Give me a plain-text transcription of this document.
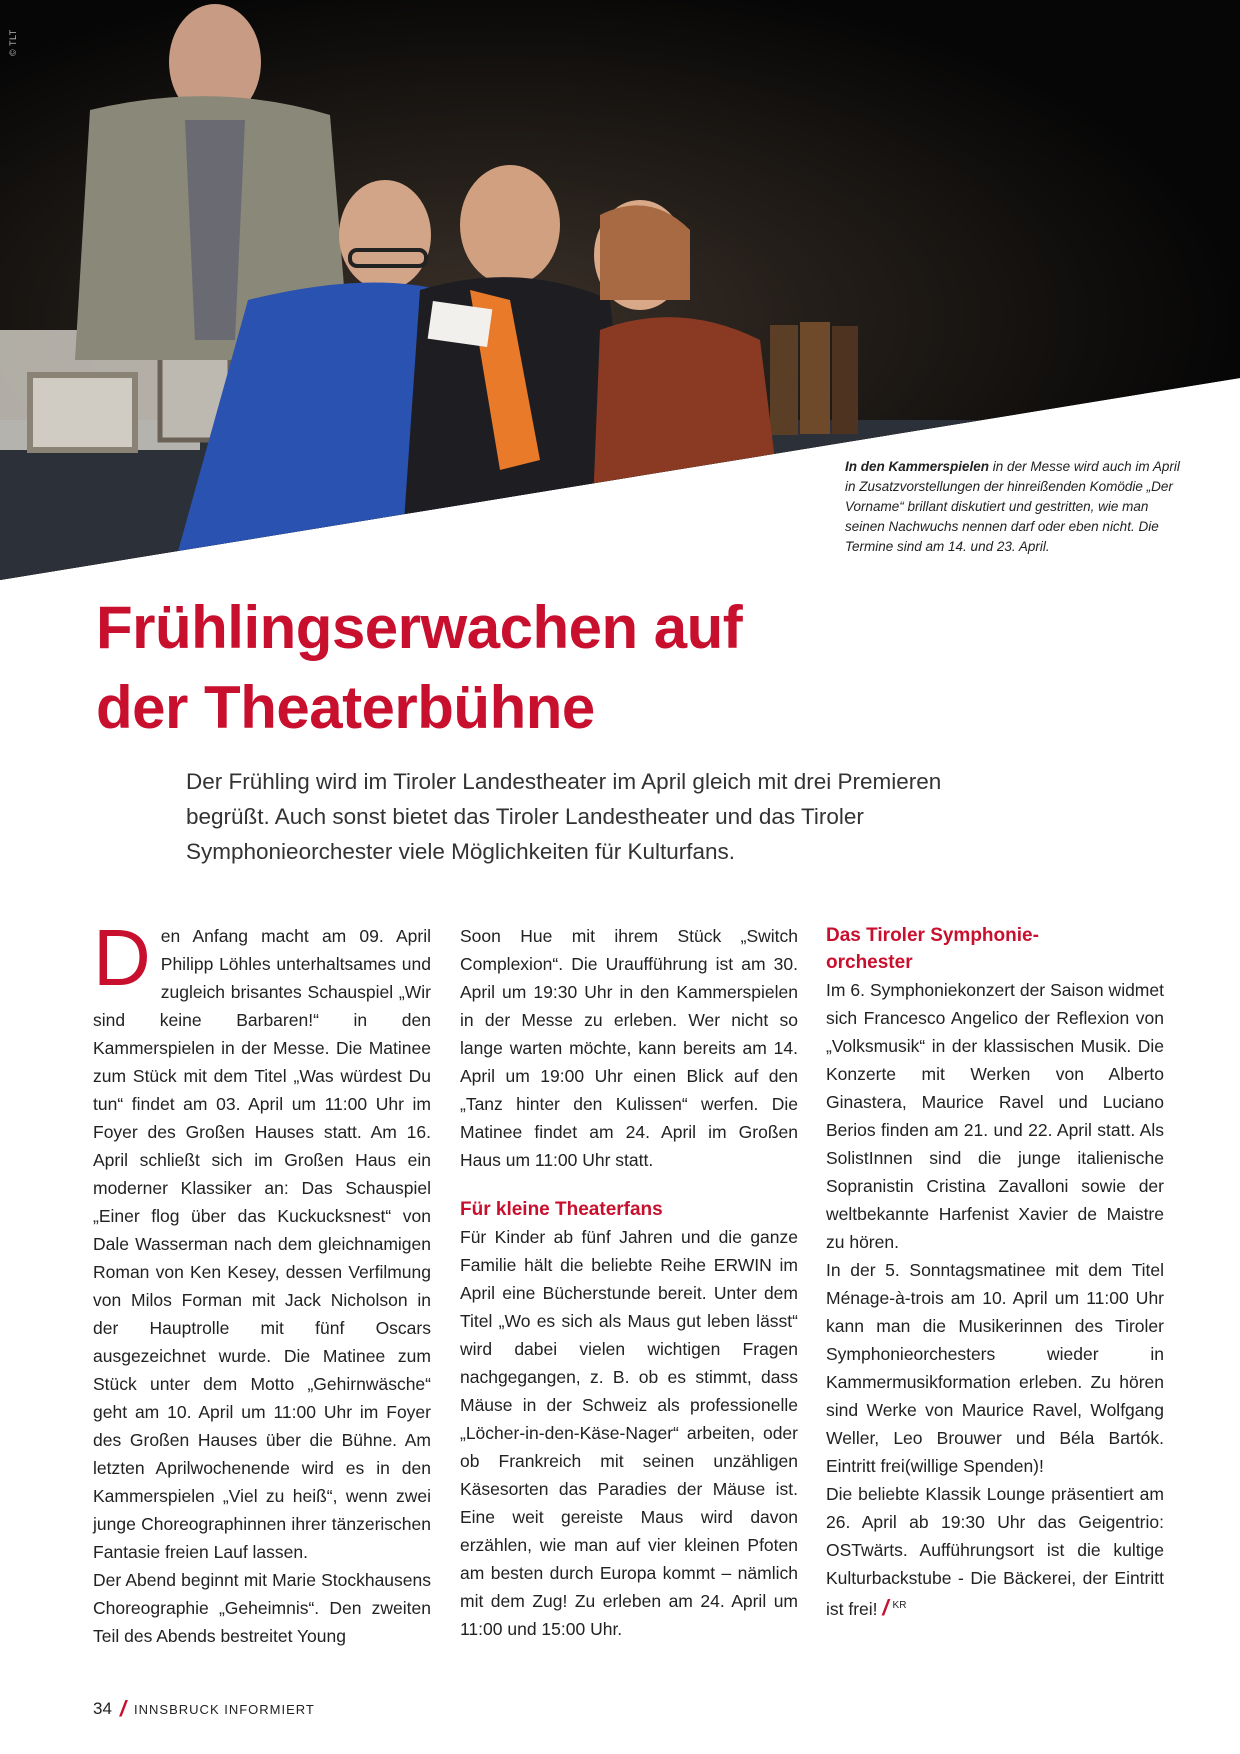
© TLT
In den Kammerspielen in der Messe wird auch im April in Zusatzvorstellungen der hinreißenden Komödie „Der Vorname“ brillant diskutiert und gestritten, wie man seinen Nachwuchs nennen darf oder eben nicht. Die Termine sind am 14. und 23. April.
Frühlingserwachen auf
der Theaterbühne

Der Frühling wird im Tiroler Landestheater im April gleich mit drei Premieren begrüßt. Auch sonst bietet das Tiroler Landestheater und das Tiroler Symphonieorchester viele Möglichkeiten für Kulturfans.

Den Anfang macht am 09. April Philipp Löhles unterhaltsames und zugleich brisantes Schauspiel „Wir sind keine Barbaren!“ in den Kammerspielen in der Messe. Die Matinee zum Stück mit dem Titel „Was würdest Du tun“ findet am 03. April um 11:00 Uhr im Foyer des Großen Hauses statt. Am 16. April schließt sich im Großen Haus ein moderner Klassiker an: Das Schauspiel „Einer flog über das Kuckucksnest“ von Dale Wasserman nach dem gleichnamigen Roman von Ken Kesey, dessen Verfilmung von Milos Forman mit Jack Nicholson in der Hauptrolle mit fünf Oscars ausgezeichnet wurde. Die Matinee zum Stück unter dem Motto „Gehirnwäsche“ geht am 10. April um 11:00 Uhr im Foyer des Großen Hauses über die Bühne. Am letzten Aprilwochenende wird es in den Kammerspielen „Viel zu heiß“, wenn zwei junge Choreographinnen ihrer tänzerischen Fantasie freien Lauf lassen.

Der Abend beginnt mit Marie Stockhausens Choreographie „Geheimnis“. Den zweiten Teil des Abends bestreitet Young

Soon Hue mit ihrem Stück „Switch Complexion“. Die Uraufführung ist am 30. April um 19:30 Uhr in den Kammerspielen in der Messe zu erleben. Wer nicht so lange warten möchte, kann bereits am 14. April um 19:00 Uhr einen Blick auf den „Tanz hinter den Kulissen“ werfen. Die Matinee findet am 24. April im Großen Haus um 11:00 Uhr statt.

Für kleine Theaterfans

Für Kinder ab fünf Jahren und die ganze Familie hält die beliebte Reihe ERWIN im April eine Bücherstunde bereit. Unter dem Titel „Wo es sich als Maus gut leben lässt“ wird dabei vielen wichtigen Fragen nachgegangen, z. B. ob es stimmt, dass Mäuse in der Schweiz als professionelle „Löcher-in-den-Käse-Nager“ arbeiten, oder ob Frankreich mit seinen unzähligen Käsesorten das Paradies der Mäuse ist. Eine weit gereiste Maus wird davon erzählen, wie man auf vier kleinen Pfoten am besten durch Europa kommt – nämlich mit dem Zug! Zu erleben am 24. April um 11:00 und 15:00 Uhr.

Das Tiroler Symphonie-orchester

Im 6. Symphoniekonzert der Saison widmet sich Francesco Angelico der Reflexion von „Volksmusik“ in der klassischen Musik. Die Konzerte mit Werken von Alberto Ginastera, Maurice Ravel und Luciano Berios finden am 21. und 22. April statt. Als SolistInnen sind die junge italienische Sopranistin Cristina Zavalloni sowie der weltbekannte Harfenist Xavier de Maistre zu hören.

In der 5. Sonntagsmatinee mit dem Titel Ménage-à-trois am 10. April um 11:00 Uhr kann man die Musikerinnen des Tiroler Symphonieorchesters wieder in Kammermusikformation erleben. Zu hören sind Werke von Maurice Ravel, Wolfgang Weller, Leo Brouwer und Béla Bartók. Eintritt frei(willige Spenden)!

Die beliebte Klassik Lounge präsentiert am 26. April ab 19:30 Uhr das Geigentrio: OSTwärts. Aufführungsort ist die kultige Kulturbackstube - Die Bäckerei, der Eintritt ist frei! / $^{KR}$

34 / INNSBRUCK INFORMIERT
